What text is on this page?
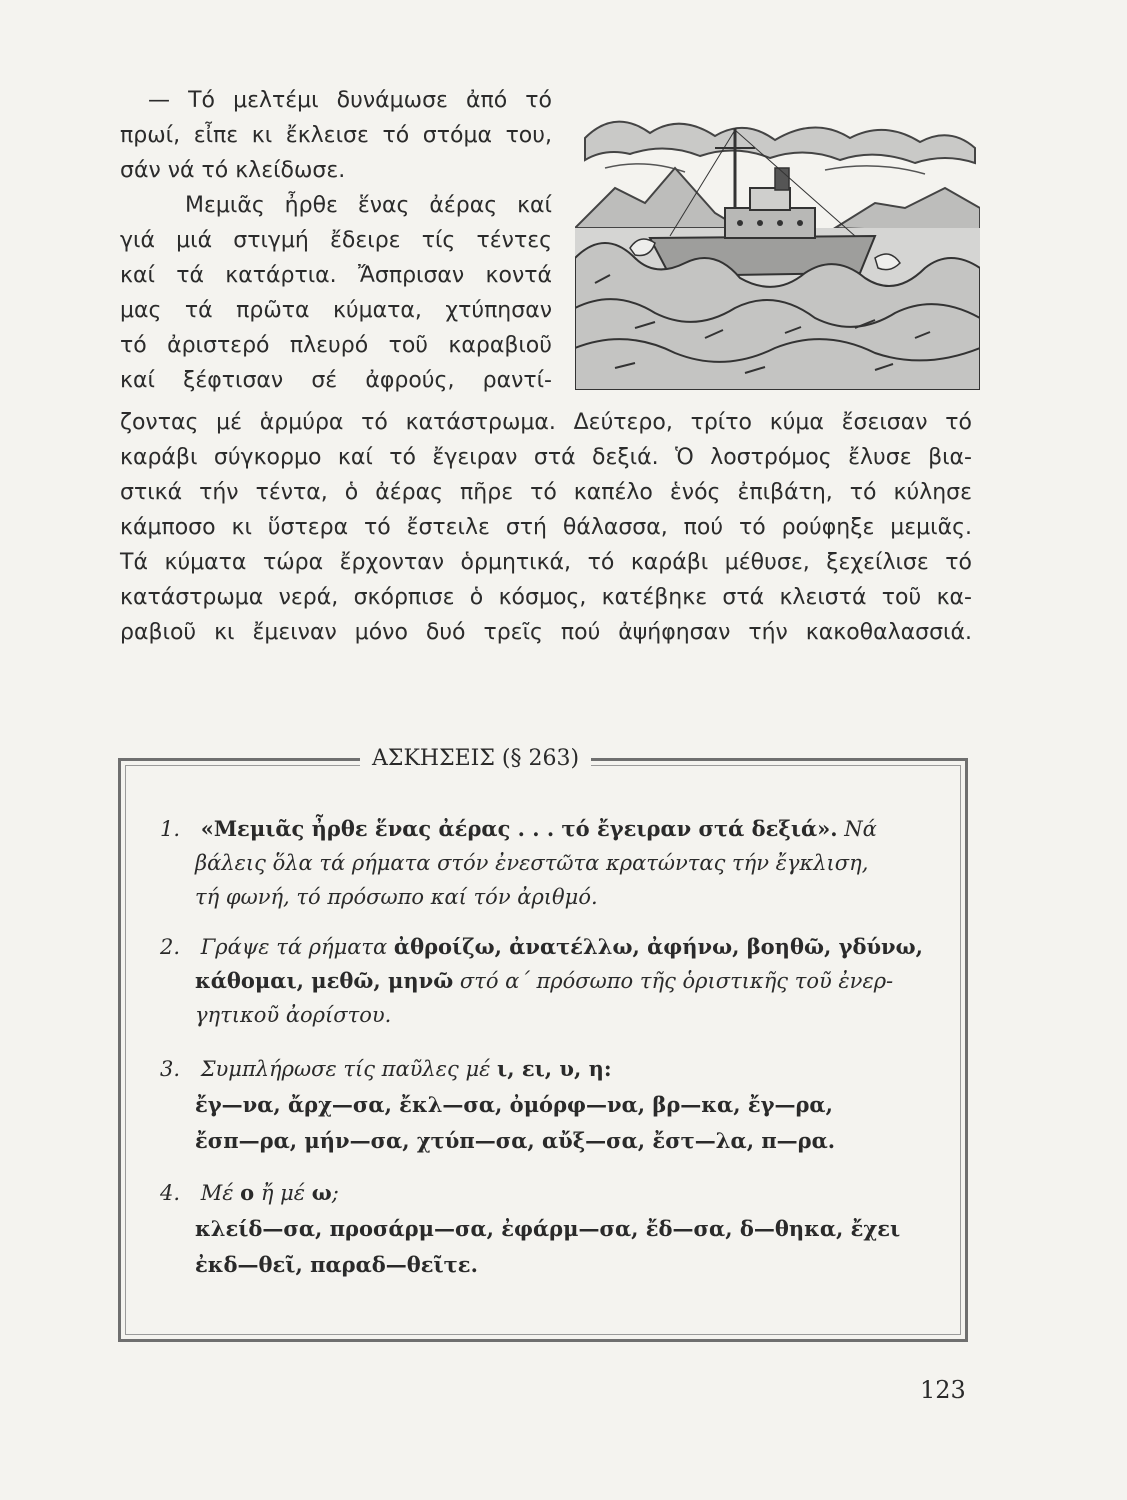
— Τό μελτέμι δυνάμωσε ἀπό τό
πρωί, εἶπε κι ἔκλεισε τό στόμα του,
σάν νά τό κλείδωσε.
Μεμιᾶς ἦρθε ἕνας ἀέρας καί
γιά μιά στιγμή ἔδειρε τίς τέντες
καί τά κατάρτια. Ἄσπρισαν κοντά
μας τά πρῶτα κύματα, χτύπησαν
τό ἀριστερό πλευρό τοῦ καραβιοῦ
καί ξέφτισαν σέ ἀφρούς, ραντί-
ζοντας μέ ἁρμύρα τό κατάστρωμα. Δεύτερο, τρίτο κύμα ἔσεισαν τό
καράβι σύγκορμο καί τό ἔγειραν στά δεξιά. Ὁ λοστρόμος ἔλυσε βια-
στικά τήν τέντα, ὁ ἀέρας πῆρε τό καπέλο ἑνός ἐπιβάτη, τό κύλησε
κάμποσο κι ὕστερα τό ἔστειλε στή θάλασσα, πού τό ρούφηξε μεμιᾶς.
Τά κύματα τώρα ἔρχονταν ὁρμητικά, τό καράβι μέθυσε, ξεχείλισε τό
κατάστρωμα νερά, σκόρπισε ὁ κόσμος, κατέβηκε στά κλειστά τοῦ κα-
ραβιοῦ κι ἔμειναν μόνο δυό τρεῖς πού ἀψήφησαν τήν κακοθαλασσιά.
ΑΣΚΗΣΕΙΣ (§ 263)
1. «Μεμιᾶς ἦρθε ἕνας ἀέρας . . . τό ἔγειραν στά δεξιά». Νά
βάλεις ὅλα τά ρήματα στόν ἐνεστῶτα κρατώντας τήν ἔγκλιση,
τή φωνή, τό πρόσωπο καί τόν ἀριθμό.
2. Γράψε τά ρήματα ἀθροίζω, ἀνατέλλω, ἀφήνω, βοηθῶ, γδύνω,
κάθομαι, μεθῶ, μηνῶ στό α΄ πρόσωπο τῆς ὁριστικῆς τοῦ ἐνερ-
γητικοῦ ἀορίστου.
3. Συμπλήρωσε τίς παῦλες μέ ι, ει, υ, η:
ἔγ—να, ἄρχ—σα, ἔκλ—σα, ὀμόρφ—να, βρ—κα, ἔγ—ρα,
ἔσπ—ρα, μήν—σα, χτύπ—σα, αὔξ—σα, ἔστ—λα, π—ρα.
4. Μέ ο ἤ μέ ω;
κλείδ—σα, προσάρμ—σα, ἐφάρμ—σα, ἔδ—σα, δ—θηκα, ἔχει
ἐκδ—θεῖ, παραδ—θεῖτε.
123
